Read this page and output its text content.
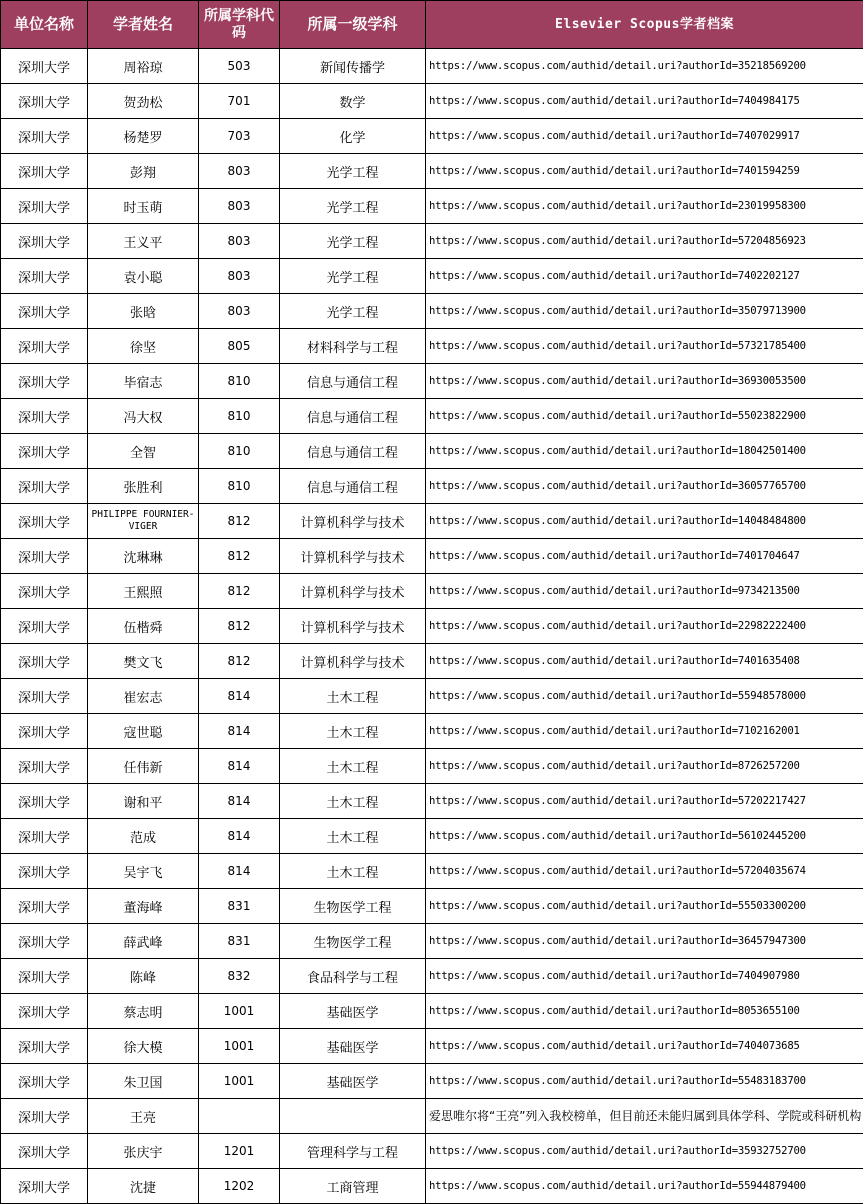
单位名称	学者姓名	所属学科代码	所属一级学科	Elsevier Scopus学者档案
深圳大学	周裕琼	503	新闻传播学	https://www.scopus.com/authid/detail.uri?authorId=35218569200
深圳大学	贺劲松	701	数学	https://www.scopus.com/authid/detail.uri?authorId=7404984175
深圳大学	杨楚罗	703	化学	https://www.scopus.com/authid/detail.uri?authorId=7407029917
深圳大学	彭翔	803	光学工程	https://www.scopus.com/authid/detail.uri?authorId=7401594259
深圳大学	时玉萌	803	光学工程	https://www.scopus.com/authid/detail.uri?authorId=23019958300
深圳大学	王义平	803	光学工程	https://www.scopus.com/authid/detail.uri?authorId=57204856923
深圳大学	袁小聪	803	光学工程	https://www.scopus.com/authid/detail.uri?authorId=7402202127
深圳大学	张晗	803	光学工程	https://www.scopus.com/authid/detail.uri?authorId=35079713900
深圳大学	徐坚	805	材料科学与工程	https://www.scopus.com/authid/detail.uri?authorId=57321785400
深圳大学	毕宿志	810	信息与通信工程	https://www.scopus.com/authid/detail.uri?authorId=36930053500
深圳大学	冯大权	810	信息与通信工程	https://www.scopus.com/authid/detail.uri?authorId=55023822900
深圳大学	全智	810	信息与通信工程	https://www.scopus.com/authid/detail.uri?authorId=18042501400
深圳大学	张胜利	810	信息与通信工程	https://www.scopus.com/authid/detail.uri?authorId=36057765700
深圳大学	PHILIPPE FOURNIER-VIGER	812	计算机科学与技术	https://www.scopus.com/authid/detail.uri?authorId=14048484800
深圳大学	沈琳琳	812	计算机科学与技术	https://www.scopus.com/authid/detail.uri?authorId=7401704647
深圳大学	王熙照	812	计算机科学与技术	https://www.scopus.com/authid/detail.uri?authorId=9734213500
深圳大学	伍楷舜	812	计算机科学与技术	https://www.scopus.com/authid/detail.uri?authorId=22982222400
深圳大学	樊文飞	812	计算机科学与技术	https://www.scopus.com/authid/detail.uri?authorId=7401635408
深圳大学	崔宏志	814	土木工程	https://www.scopus.com/authid/detail.uri?authorId=55948578000
深圳大学	寇世聪	814	土木工程	https://www.scopus.com/authid/detail.uri?authorId=7102162001
深圳大学	任伟新	814	土木工程	https://www.scopus.com/authid/detail.uri?authorId=8726257200
深圳大学	谢和平	814	土木工程	https://www.scopus.com/authid/detail.uri?authorId=57202217427
深圳大学	范成	814	土木工程	https://www.scopus.com/authid/detail.uri?authorId=56102445200
深圳大学	吴宇飞	814	土木工程	https://www.scopus.com/authid/detail.uri?authorId=57204035674
深圳大学	董海峰	831	生物医学工程	https://www.scopus.com/authid/detail.uri?authorId=55503300200
深圳大学	薛武峰	831	生物医学工程	https://www.scopus.com/authid/detail.uri?authorId=36457947300
深圳大学	陈峰	832	食品科学与工程	https://www.scopus.com/authid/detail.uri?authorId=7404907980
深圳大学	蔡志明	1001	基础医学	https://www.scopus.com/authid/detail.uri?authorId=8053655100
深圳大学	徐大模	1001	基础医学	https://www.scopus.com/authid/detail.uri?authorId=7404073685
深圳大学	朱卫国	1001	基础医学	https://www.scopus.com/authid/detail.uri?authorId=55483183700
深圳大学	王亮			爱思唯尔将“王亮”列入我校榜单，但目前还未能归属到具体学科、学院或科研机构
深圳大学	张庆宇	1201	管理科学与工程	https://www.scopus.com/authid/detail.uri?authorId=35932752700
深圳大学	沈捷	1202	工商管理	https://www.scopus.com/authid/detail.uri?authorId=55944879400
